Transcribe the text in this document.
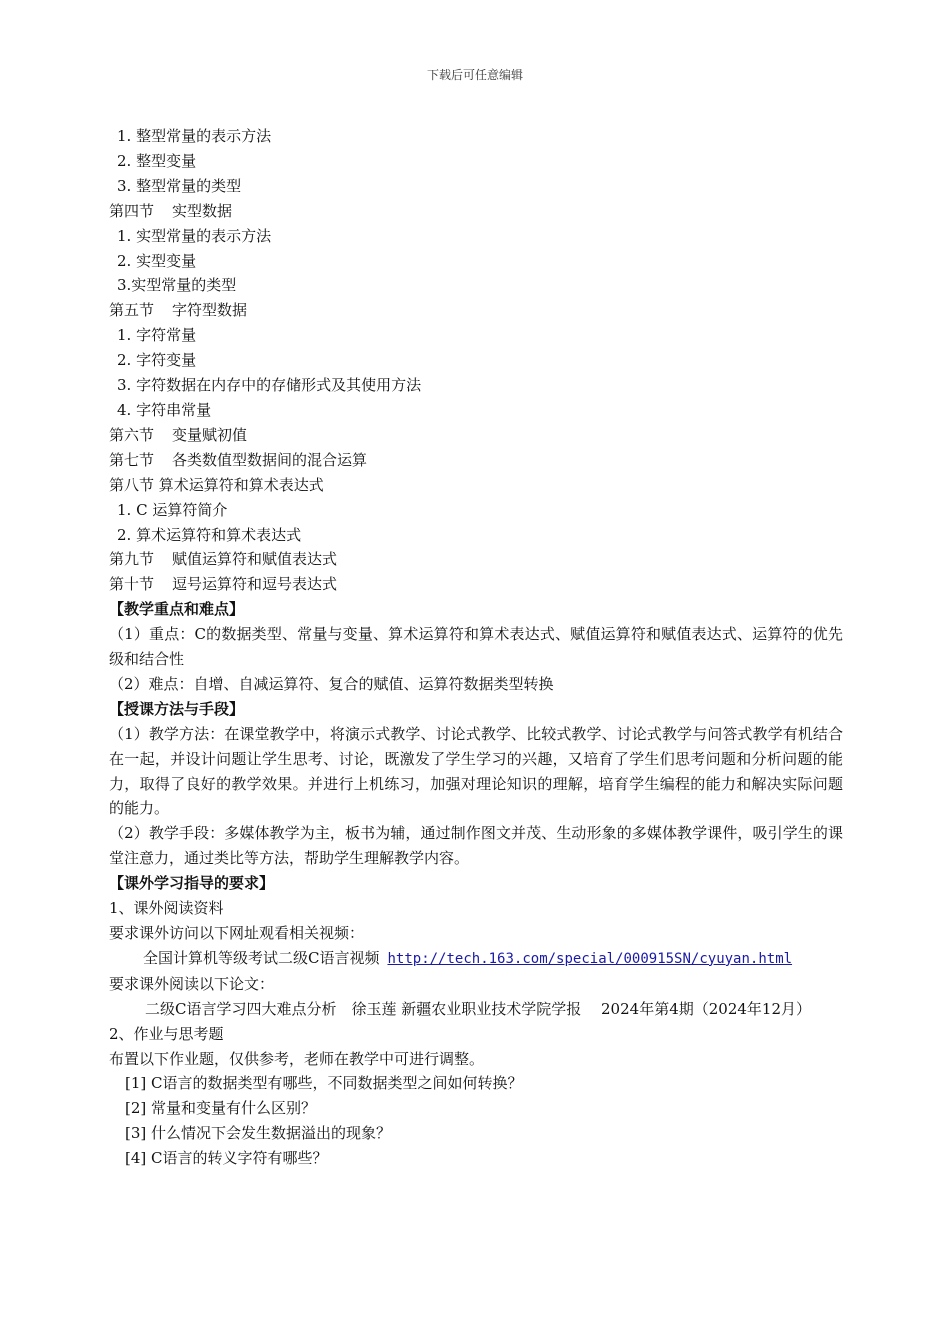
下载后可任意编辑
1. 整型常量的表示方法
2. 整型变量
3. 整型常量的类型
第四节 实型数据
1. 实型常量的表示方法
2. 实型变量
3.实型常量的类型
第五节 字符型数据
1. 字符常量
2. 字符变量
3. 字符数据在内存中的存储形式及其使用方法
4. 字符串常量
第六节 变量赋初值
第七节 各类数值型数据间的混合运算
第八节 算术运算符和算术表达式
1. C 运算符简介
2. 算术运算符和算术表达式
第九节 赋值运算符和赋值表达式
第十节 逗号运算符和逗号表达式
【教学重点和难点】
（1）重点：C的数据类型、常量与变量、算术运算符和算术表达式、赋值运算符和赋值表达式、运算符的优先级和结合性
（2）难点：自增、自减运算符、复合的赋值、运算符数据类型转换
【授课方法与手段】
（1）教学方法：在课堂教学中，将演示式教学、讨论式教学、比较式教学、讨论式教学与问答式教学有机结合在一起，并设计问题让学生思考、讨论，既激发了学生学习的兴趣，又培育了学生们思考问题和分析问题的能力，取得了良好的教学效果。并进行上机练习，加强对理论知识的理解，培育学生编程的能力和解决实际问题的能力。
（2）教学手段：多媒体教学为主，板书为辅，通过制作图文并茂、生动形象的多媒体教学课件，吸引学生的课堂注意力，通过类比等方法，帮助学生理解教学内容。
【课外学习指导的要求】
1、课外阅读资料
要求课外访问以下网址观看相关视频：
全国计算机等级考试二级C语言视频 http://tech.163.com/special/000915SN/cyuyan.html
要求课外阅读以下论文：
二级C语言学习四大难点分析　徐玉莲 新疆农业职业技术学院学报　 2024年第4期（2024年12月）
2、作业与思考题
布置以下作业题，仅供参考，老师在教学中可进行调整。
[1] C语言的数据类型有哪些，不同数据类型之间如何转换？
[2] 常量和变量有什么区别？
[3] 什么情况下会发生数据溢出的现象？
[4] C语言的转义字符有哪些？
